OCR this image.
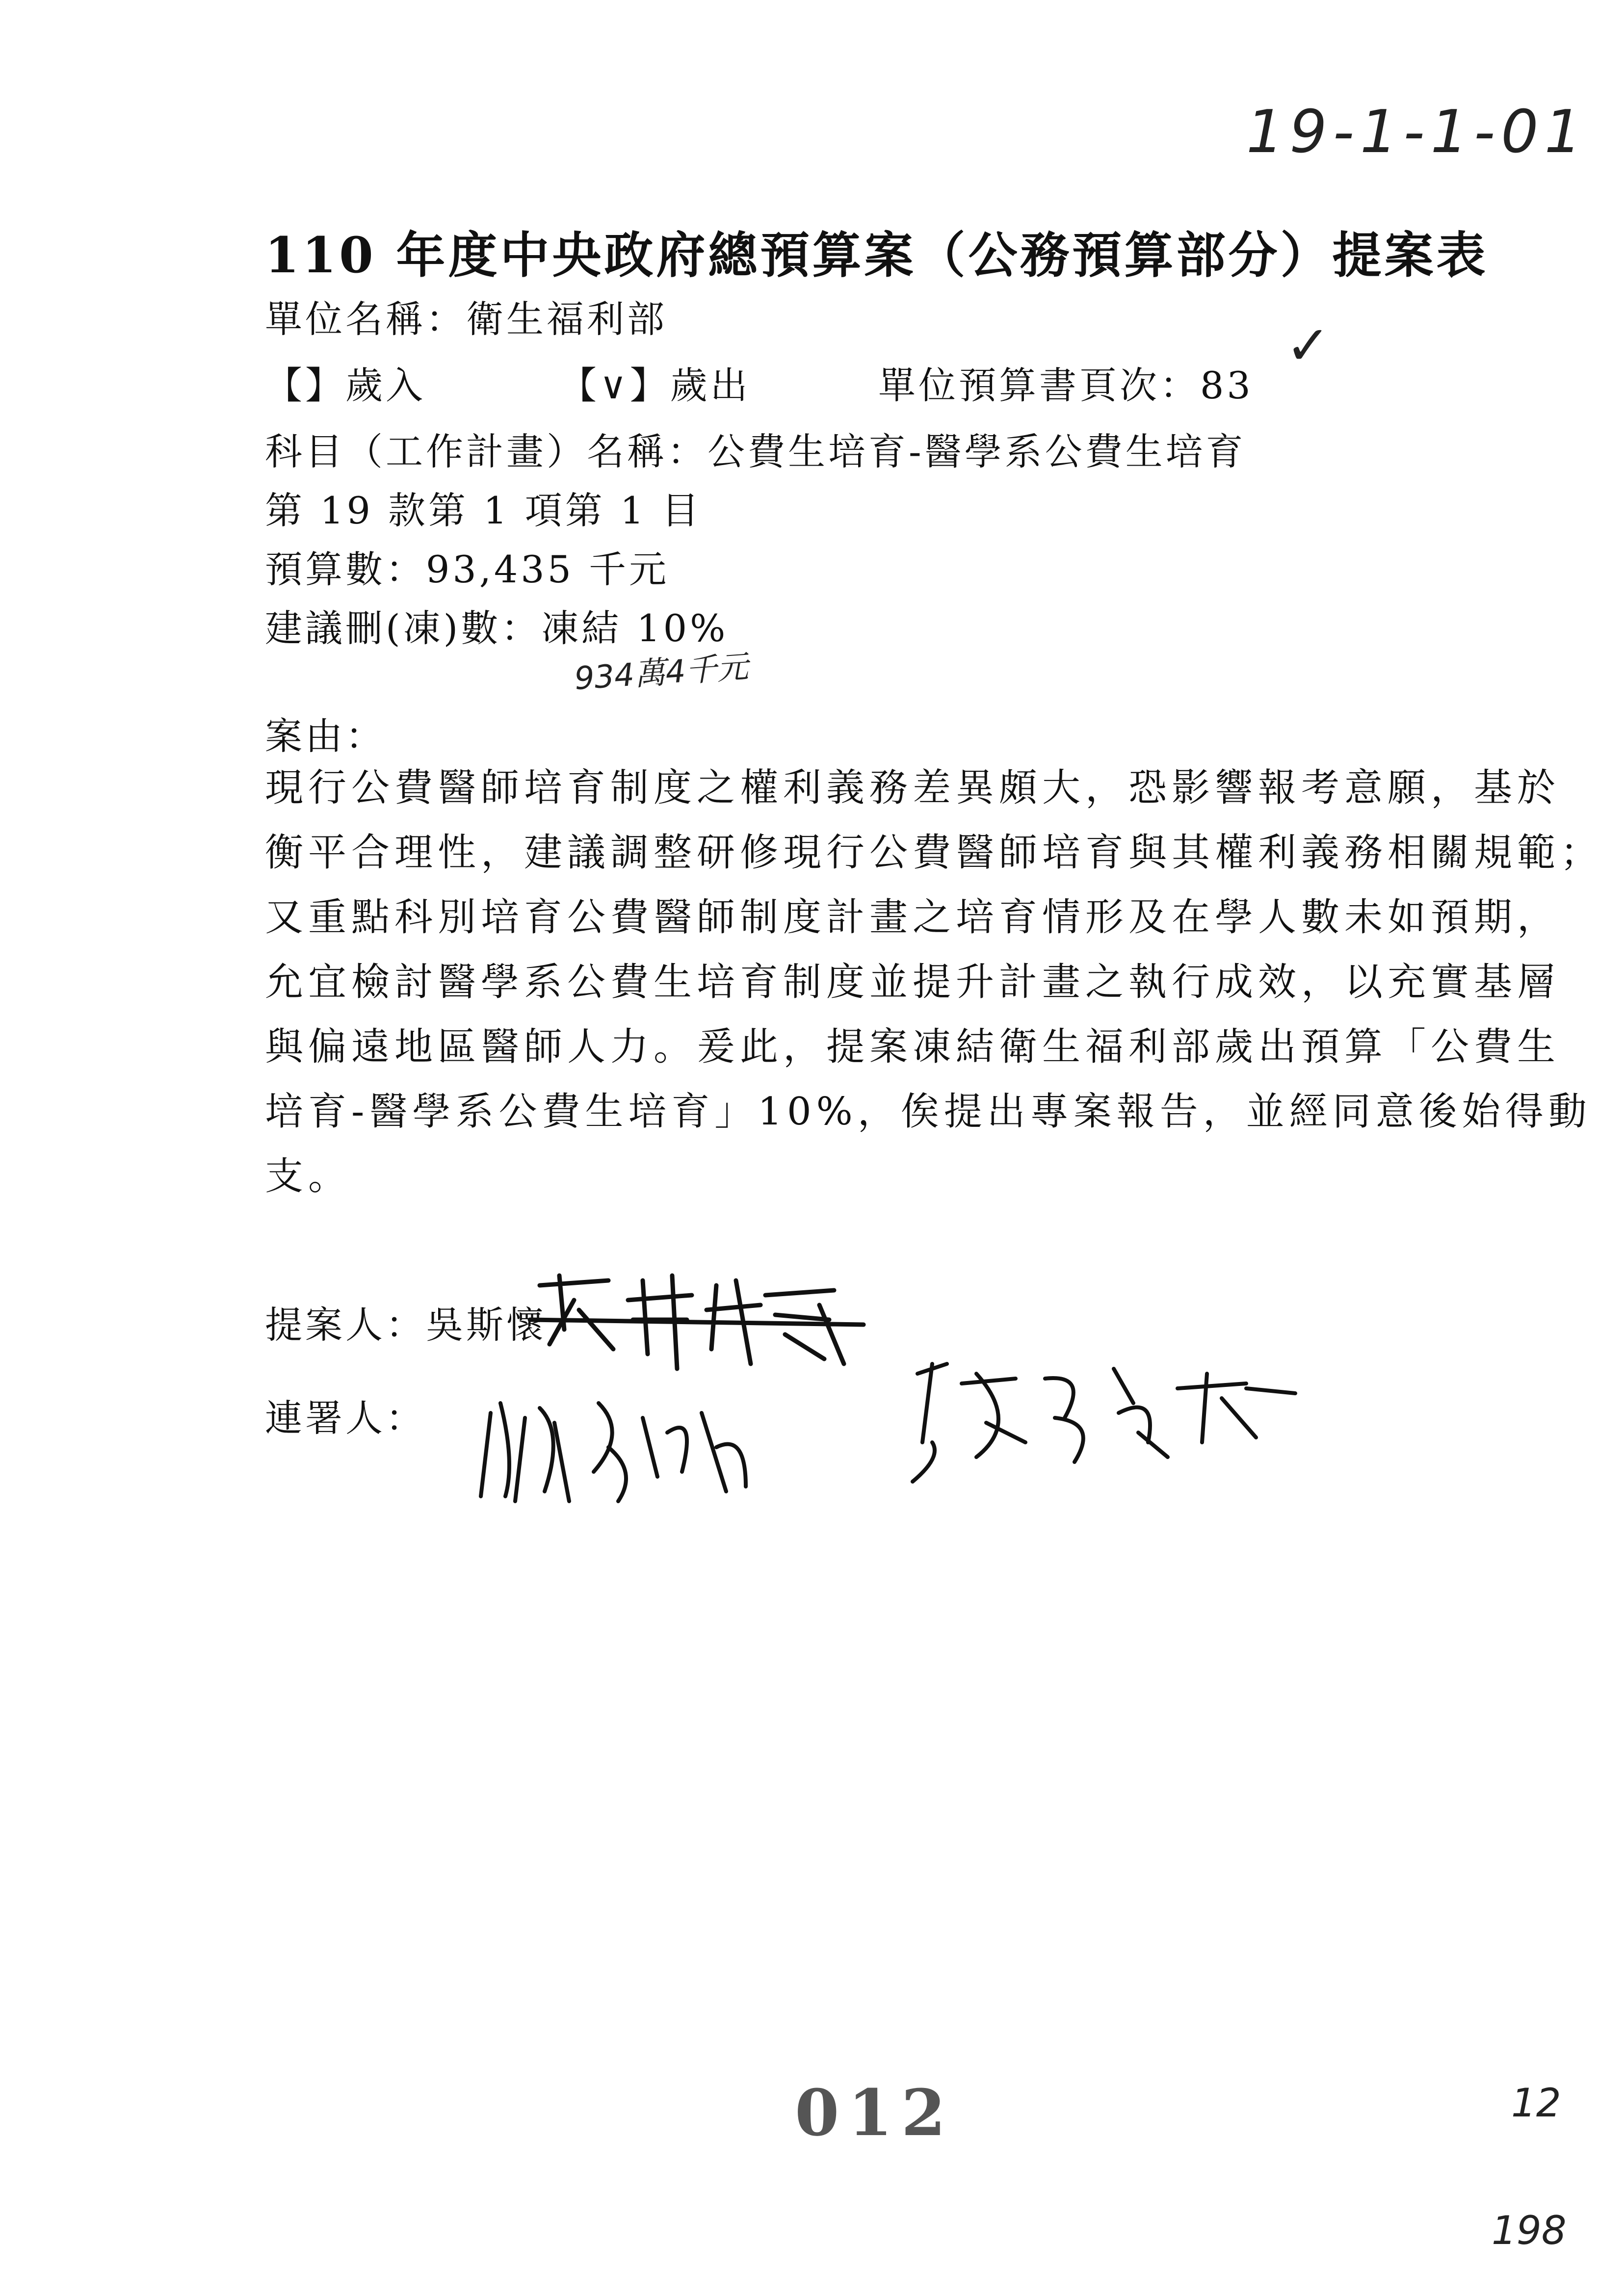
19-1-1-01
110 年度中央政府總預算案（公務預算部分）提案表
單位名稱：衛生福利部
【】歲入	【∨】歲出	單位預算書頁次：83
✓
科目（工作計畫）名稱：公費生培育-醫學系公費生培育
第 19 款第 1 項第 1 目
預算數：93,435 千元
建議刪(凍)數：凍結 10%
934萬4千元
案由：
現行公費醫師培育制度之權利義務差異頗大，恐影響報考意願，基於
衡平合理性，建議調整研修現行公費醫師培育與其權利義務相關規範；
又重點科別培育公費醫師制度計畫之培育情形及在學人數未如預期，
允宜檢討醫學系公費生培育制度並提升計畫之執行成效，以充實基層
與偏遠地區醫師人力。爰此，提案凍結衛生福利部歲出預算「公費生
培育-醫學系公費生培育」10%，俟提出專案報告，並經同意後始得動
支。
提案人：吳斯懷
連署人：
012	12
198
